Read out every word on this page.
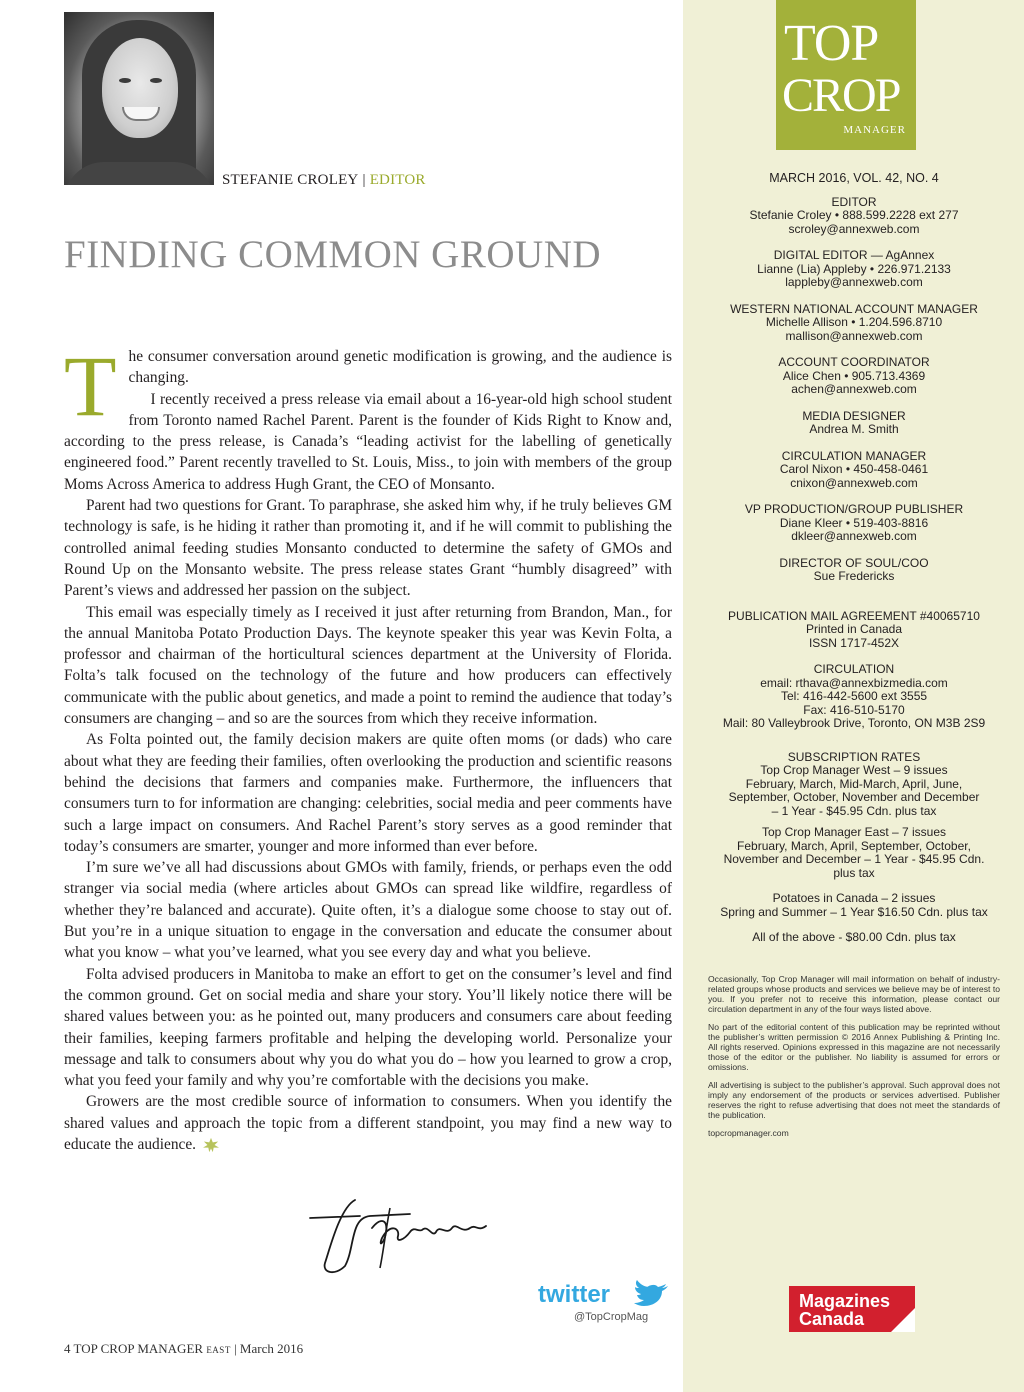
STEFANIE CROLEY | EDITOR
FINDING COMMON GROUND

The consumer conversation around genetic modification is growing, and the audience is changing.

I recently received a press release via email about a 16-year-old high school student from Toronto named Rachel Parent. Parent is the founder of Kids Right to Know and, according to the press release, is Canada’s “leading activist for the labelling of genetically engineered food.” Parent recently travelled to St. Louis, Miss., to join with members of the group Moms Across America to address Hugh Grant, the CEO of Monsanto.

Parent had two questions for Grant. To paraphrase, she asked him why, if he truly believes GM technology is safe, is he hiding it rather than promoting it, and if he will commit to publishing the controlled animal feeding studies Monsanto conducted to determine the safety of GMOs and Round Up on the Monsanto website. The press release states Grant “humbly disagreed” with Parent’s views and addressed her passion on the subject.

This email was especially timely as I received it just after returning from Brandon, Man., for the annual Manitoba Potato Production Days. The keynote speaker this year was Kevin Folta, a professor and chairman of the horticultural sciences department at the University of Florida. Folta’s talk focused on the technology of the future and how producers can effectively communicate with the public about genetics, and made a point to remind the audience that today’s consumers are changing – and so are the sources from which they receive information.

As Folta pointed out, the family decision makers are quite often moms (or dads) who care about what they are feeding their families, often overlooking the production and scientific reasons behind the decisions that farmers and companies make. Furthermore, the influencers that consumers turn to for information are changing: celebrities, social media and peer comments have such a large impact on consumers. And Rachel Parent’s story serves as a good reminder that today’s consumers are smarter, younger and more informed than ever before.

I’m sure we’ve all had discussions about GMOs with family, friends, or perhaps even the odd stranger via social media (where articles about GMOs can spread like wildfire, regardless of whether they’re balanced and accurate). Quite often, it’s a dialogue some choose to stay out of. But you’re in a unique situation to engage in the conversation and educate the consumer about what you know – what you’ve learned, what you see every day and what you believe.

Folta advised producers in Manitoba to make an effort to get on the consumer’s level and find the common ground. Get on social media and share your story. You’ll likely notice there will be shared values between you: as he pointed out, many producers and consumers care about feeding their families, keeping farmers profitable and helping the developing world. Personalize your message and talk to consumers about why you do what you do – how you learned to grow a crop, what you feed your family and why you’re comfortable with the decisions you make.

Growers are the most credible source of information to consumers. When you identify the shared values and approach the topic from a different standpoint, you may find a new way to educate the audience.

twitter
@TopCropMag
4 TOP CROP MANAGER EAST | March 2016
TOP
CROP
MANAGER
MARCH 2016, VOL. 42, NO. 4
EDITOR
Stefanie Croley • 888.599.2228 ext 277
scroley@annexweb.com
DIGITAL EDITOR — AgAnnex
Lianne (Lia) Appleby • 226.971.2133
lappleby@annexweb.com
WESTERN NATIONAL ACCOUNT MANAGER
Michelle Allison • 1.204.596.8710
mallison@annexweb.com
ACCOUNT COORDINATOR
Alice Chen • 905.713.4369
achen@annexweb.com
MEDIA DESIGNER
Andrea M. Smith
CIRCULATION MANAGER
Carol Nixon • 450-458-0461
cnixon@annexweb.com
VP PRODUCTION/GROUP PUBLISHER
Diane Kleer • 519-403-8816
dkleer@annexweb.com
DIRECTOR OF SOUL/COO
Sue Fredericks
PUBLICATION MAIL AGREEMENT #40065710
Printed in Canada
ISSN 1717-452X
CIRCULATION
email: rthava@annexbizmedia.com
Tel: 416-442-5600 ext 3555
Fax: 416-510-5170
Mail: 80 Valleybrook Drive, Toronto, ON M3B 2S9
SUBSCRIPTION RATES
Top Crop Manager West – 9 issues
February, March, Mid-March, April, June,
September, October, November and December
– 1 Year - $45.95 Cdn. plus tax
Top Crop Manager East – 7 issues
February, March, April, September, October,
November and December – 1 Year - $45.95 Cdn.
plus tax
Potatoes in Canada – 2 issues
Spring and Summer – 1 Year $16.50 Cdn. plus tax
All of the above - $80.00 Cdn. plus tax

Occasionally, Top Crop Manager will mail information on behalf of industry-related groups whose products and services we believe may be of interest to you. If you prefer not to receive this information, please contact our circulation department in any of the four ways listed above.

No part of the editorial content of this publication may be reprinted without the publisher’s written permission © 2016 Annex Publishing & Printing Inc. All rights reserved. Opinions expressed in this magazine are not necessarily those of the editor or the publisher. No liability is assumed for errors or omissions.

All advertising is subject to the publisher’s approval. Such approval does not imply any endorsement of the products or services advertised. Publisher reserves the right to refuse advertising that does not meet the standards of the publication.

topcropmanager.com

Magazines
Canada
